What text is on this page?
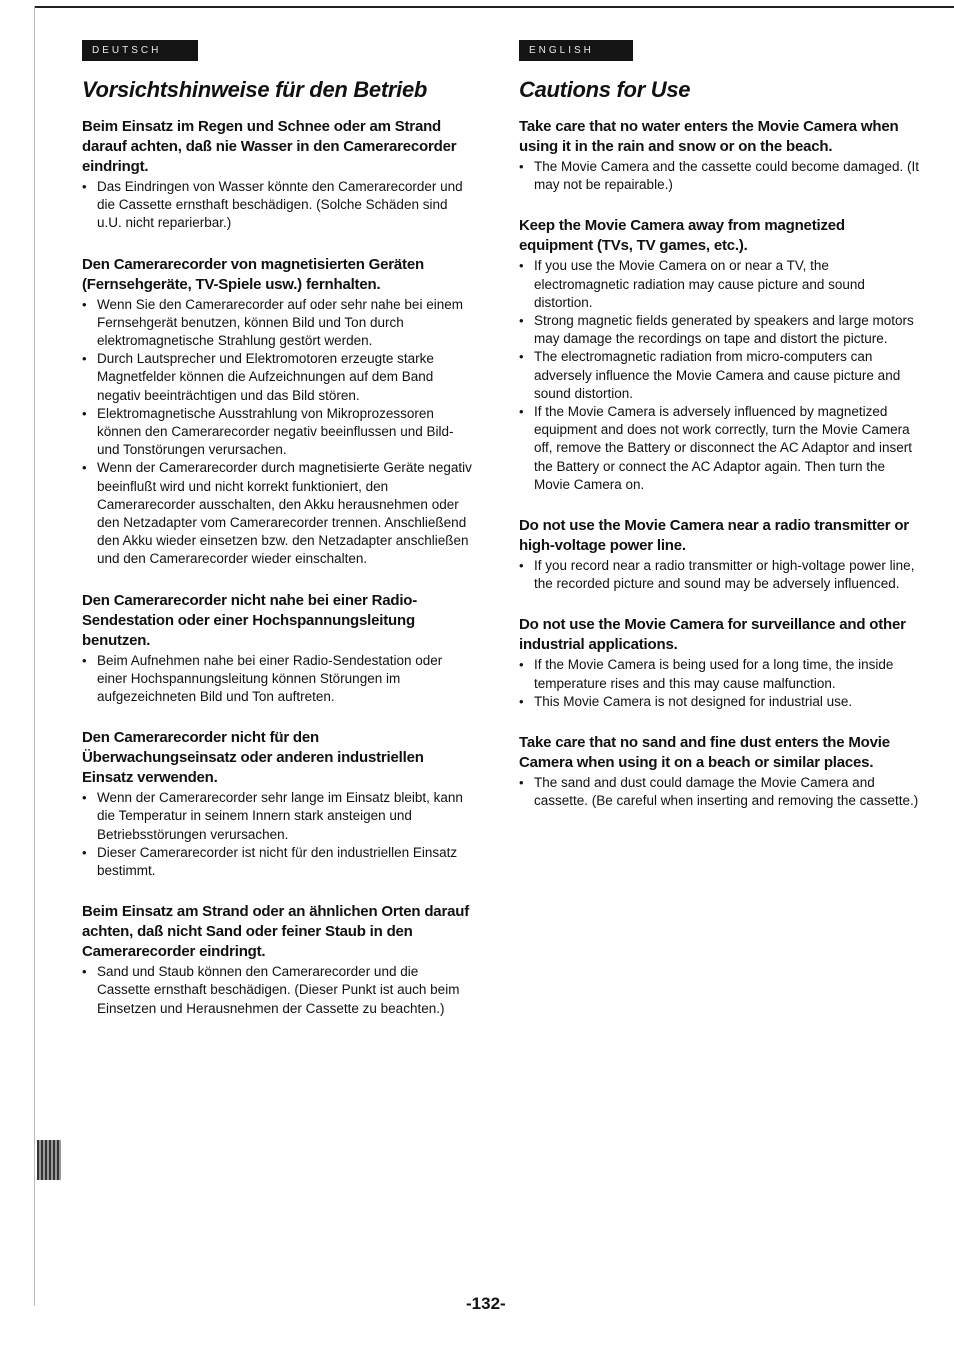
DEUTSCH
Vorsichtshinweise für den Betrieb
Beim Einsatz im Regen und Schnee oder am Strand darauf achten, daß nie Wasser in den Camerarecorder eindringt.
• Das Eindringen von Wasser könnte den Camerarecorder und die Cassette ernsthaft beschädigen. (Solche Schäden sind u.U. nicht reparierbar.)
Den Camerarecorder von magnetisierten Geräten (Fernsehgeräte, TV-Spiele usw.) fernhalten.
• Wenn Sie den Camerarecorder auf oder sehr nahe bei einem Fernsehgerät benutzen, können Bild und Ton durch elektromagnetische Strahlung gestört werden.
• Durch Lautsprecher und Elektromotoren erzeugte starke Magnetfelder können die Aufzeichnungen auf dem Band negativ beeinträchtigen und das Bild stören.
• Elektromagnetische Ausstrahlung von Mikroprozessoren können den Camerarecorder negativ beeinflussen und Bild- und Tonstörungen verursachen.
• Wenn der Camerarecorder durch magnetisierte Geräte negativ beeinflußt wird und nicht korrekt funktioniert, den Camerarecorder ausschalten, den Akku herausnehmen oder den Netzadapter vom Camerarecorder trennen. Anschließend den Akku wieder einsetzen bzw. den Netzadapter anschließen und den Camerarecorder wieder einschalten.
Den Camerarecorder nicht nahe bei einer Radio-Sendestation oder einer Hochspannungsleitung benutzen.
• Beim Aufnehmen nahe bei einer Radio-Sendestation oder einer Hochspannungsleitung können Störungen im aufgezeichneten Bild und Ton auftreten.
Den Camerarecorder nicht für den Überwachungseinsatz oder anderen industriellen Einsatz verwenden.
• Wenn der Camerarecorder sehr lange im Einsatz bleibt, kann die Temperatur in seinem Innern stark ansteigen und Betriebsstörungen verursachen.
• Dieser Camerarecorder ist nicht für den industriellen Einsatz bestimmt.
Beim Einsatz am Strand oder an ähnlichen Orten darauf achten, daß nicht Sand oder feiner Staub in den Camerarecorder eindringt.
• Sand und Staub können den Camerarecorder und die Cassette ernsthaft beschädigen. (Dieser Punkt ist auch beim Einsetzen und Herausnehmen der Cassette zu beachten.)
ENGLISH
Cautions for Use
Take care that no water enters the Movie Camera when using it in the rain and snow or on the beach.
• The Movie Camera and the cassette could become damaged. (It may not be repairable.)
Keep the Movie Camera away from magnetized equipment (TVs, TV games, etc.).
• If you use the Movie Camera on or near a TV, the electromagnetic radiation may cause picture and sound distortion.
• Strong magnetic fields generated by speakers and large motors may damage the recordings on tape and distort the picture.
• The electromagnetic radiation from micro-computers can adversely influence the Movie Camera and cause picture and sound distortion.
• If the Movie Camera is adversely influenced by magnetized equipment and does not work correctly, turn the Movie Camera off, remove the Battery or disconnect the AC Adaptor and insert the Battery or connect the AC Adaptor again. Then turn the Movie Camera on.
Do not use the Movie Camera near a radio transmitter or high-voltage power line.
• If you record near a radio transmitter or high-voltage power line, the recorded picture and sound may be adversely influenced.
Do not use the Movie Camera for surveillance and other industrial applications.
• If the Movie Camera is being used for a long time, the inside temperature rises and this may cause malfunction.
• This Movie Camera is not designed for industrial use.
Take care that no sand and fine dust enters the Movie Camera when using it on a beach or similar places.
• The sand and dust could damage the Movie Camera and cassette. (Be careful when inserting and removing the cassette.)
-132-
